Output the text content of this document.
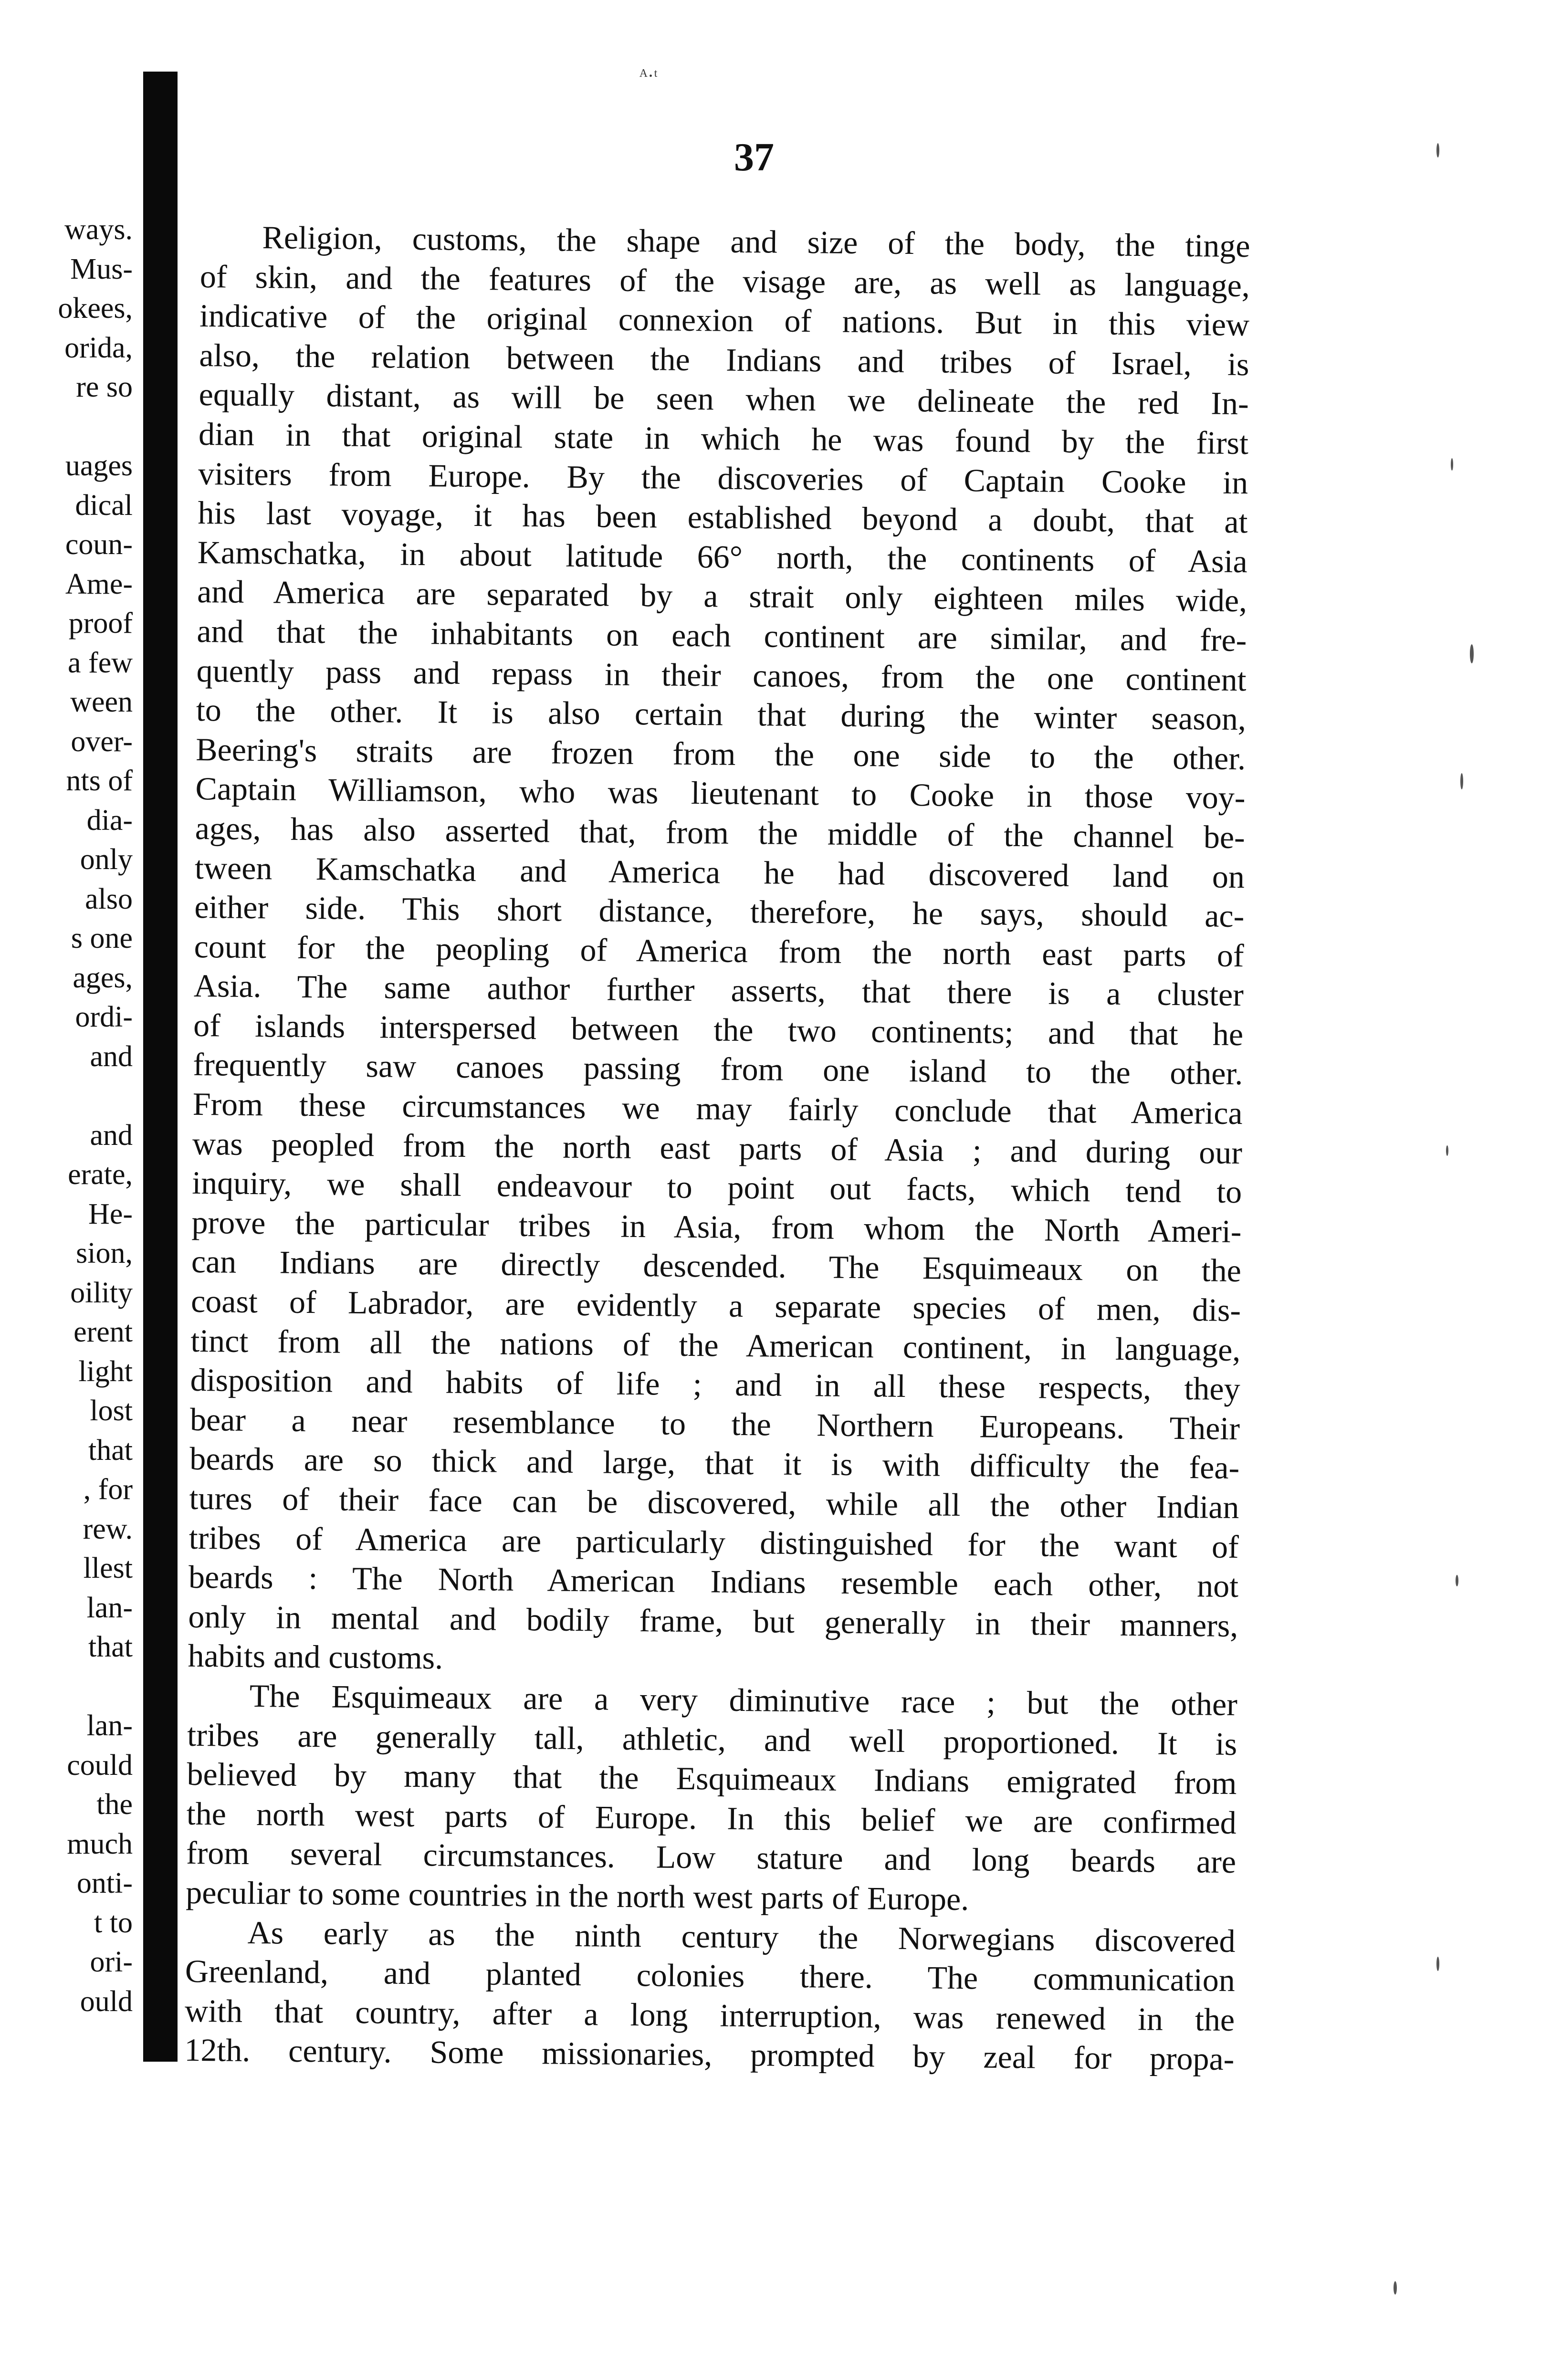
ᴬ·ᵗ
ways.
Mus-
okees,
orida,
re so
uages
dical
coun-
Ame-
proof
a few
ween
over-
nts of
dia-
only
also
s one
ages,
ordi-
and
and
erate,
He-
sion,
oility
erent
light
lost
that
, for
rew.
llest
lan-
that
lan-
could
the
much
onti-
t to
ori-
ould
37
Religion, customs, the shape and size of the body, the tinge
of skin, and the features of the visage are, as well as language,
indicative of the original connexion of nations. But in this view
also, the relation between the Indians and tribes of Israel, is
equally distant, as will be seen when we delineate the red In-
dian in that original state in which he was found by the first
visiters from Europe. By the discoveries of Captain Cooke in
his last voyage, it has been established beyond a doubt, that at
Kamschatka, in about latitude 66° north, the continents of Asia
and America are separated by a strait only eighteen miles wide,
and that the inhabitants on each continent are similar, and fre-
quently pass and repass in their canoes, from the one continent
to the other. It is also certain that during the winter season,
Beering's straits are frozen from the one side to the other.
Captain Williamson, who was lieutenant to Cooke in those voy-
ages, has also asserted that, from the middle of the channel be-
tween Kamschatka and America he had discovered land on
either side. This short distance, therefore, he says, should ac-
count for the peopling of America from the north east parts of
Asia. The same author further asserts, that there is a cluster
of islands interspersed between the two continents; and that he
frequently saw canoes passing from one island to the other.
From these circumstances we may fairly conclude that America
was peopled from the north east parts of Asia ; and during our
inquiry, we shall endeavour to point out facts, which tend to
prove the particular tribes in Asia, from whom the North Ameri-
can Indians are directly descended. The Esquimeaux on the
coast of Labrador, are evidently a separate species of men, dis-
tinct from all the nations of the American continent, in language,
disposition and habits of life ; and in all these respects, they
bear a near resemblance to the Northern Europeans. Their
beards are so thick and large, that it is with difficulty the fea-
tures of their face can be discovered, while all the other Indian
tribes of America are particularly distinguished for the want of
beards : The North American Indians resemble each other, not
only in mental and bodily frame, but generally in their manners,
habits and customs.
The Esquimeaux are a very diminutive race ; but the other
tribes are generally tall, athletic, and well proportioned. It is
believed by many that the Esquimeaux Indians emigrated from
the north west parts of Europe. In this belief we are confirmed
from several circumstances. Low stature and long beards are
peculiar to some countries in the north west parts of Europe.
As early as the ninth century the Norwegians discovered
Greenland, and planted colonies there. The communication
with that country, after a long interruption, was renewed in the
12th. century. Some missionaries, prompted by zeal for propa-
